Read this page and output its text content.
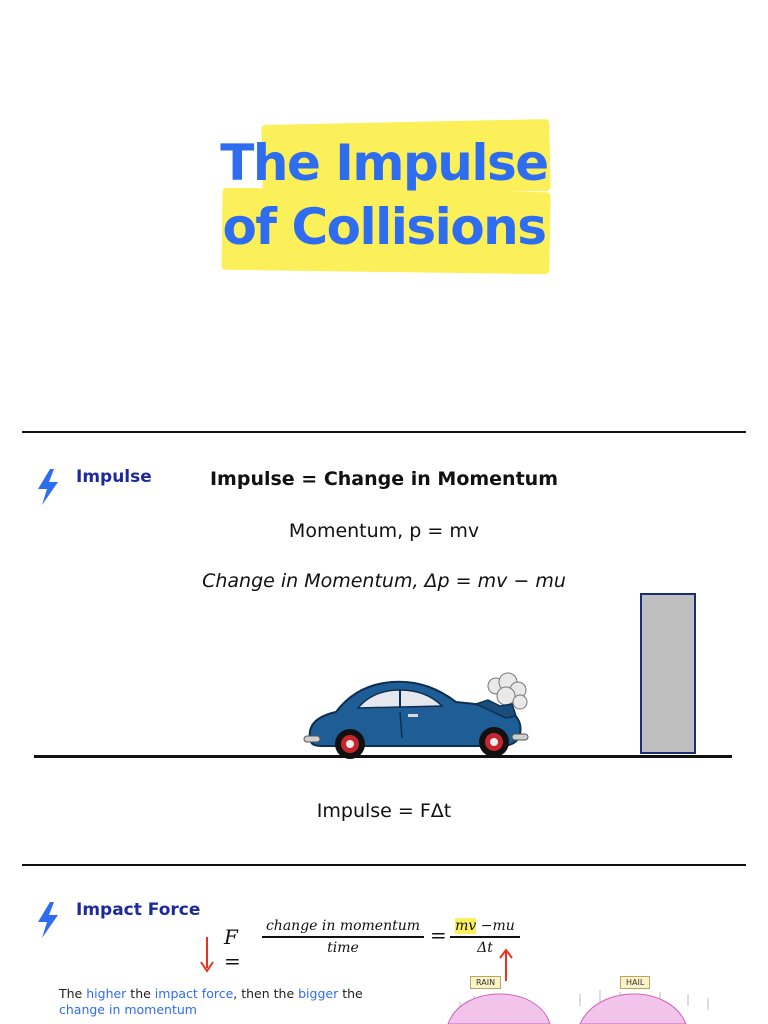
The Impulse
of Collisions
Impulse	Impulse = Change in Momentum
Momentum, p = mv
Change in Momentum, Δp = mv − mu
Impulse = FΔt
Impact Force
F =
change in momentum
time
= mv −mu
Δt
The higher the impact force, then the bigger the
change in momentum
RAIN	HAIL
